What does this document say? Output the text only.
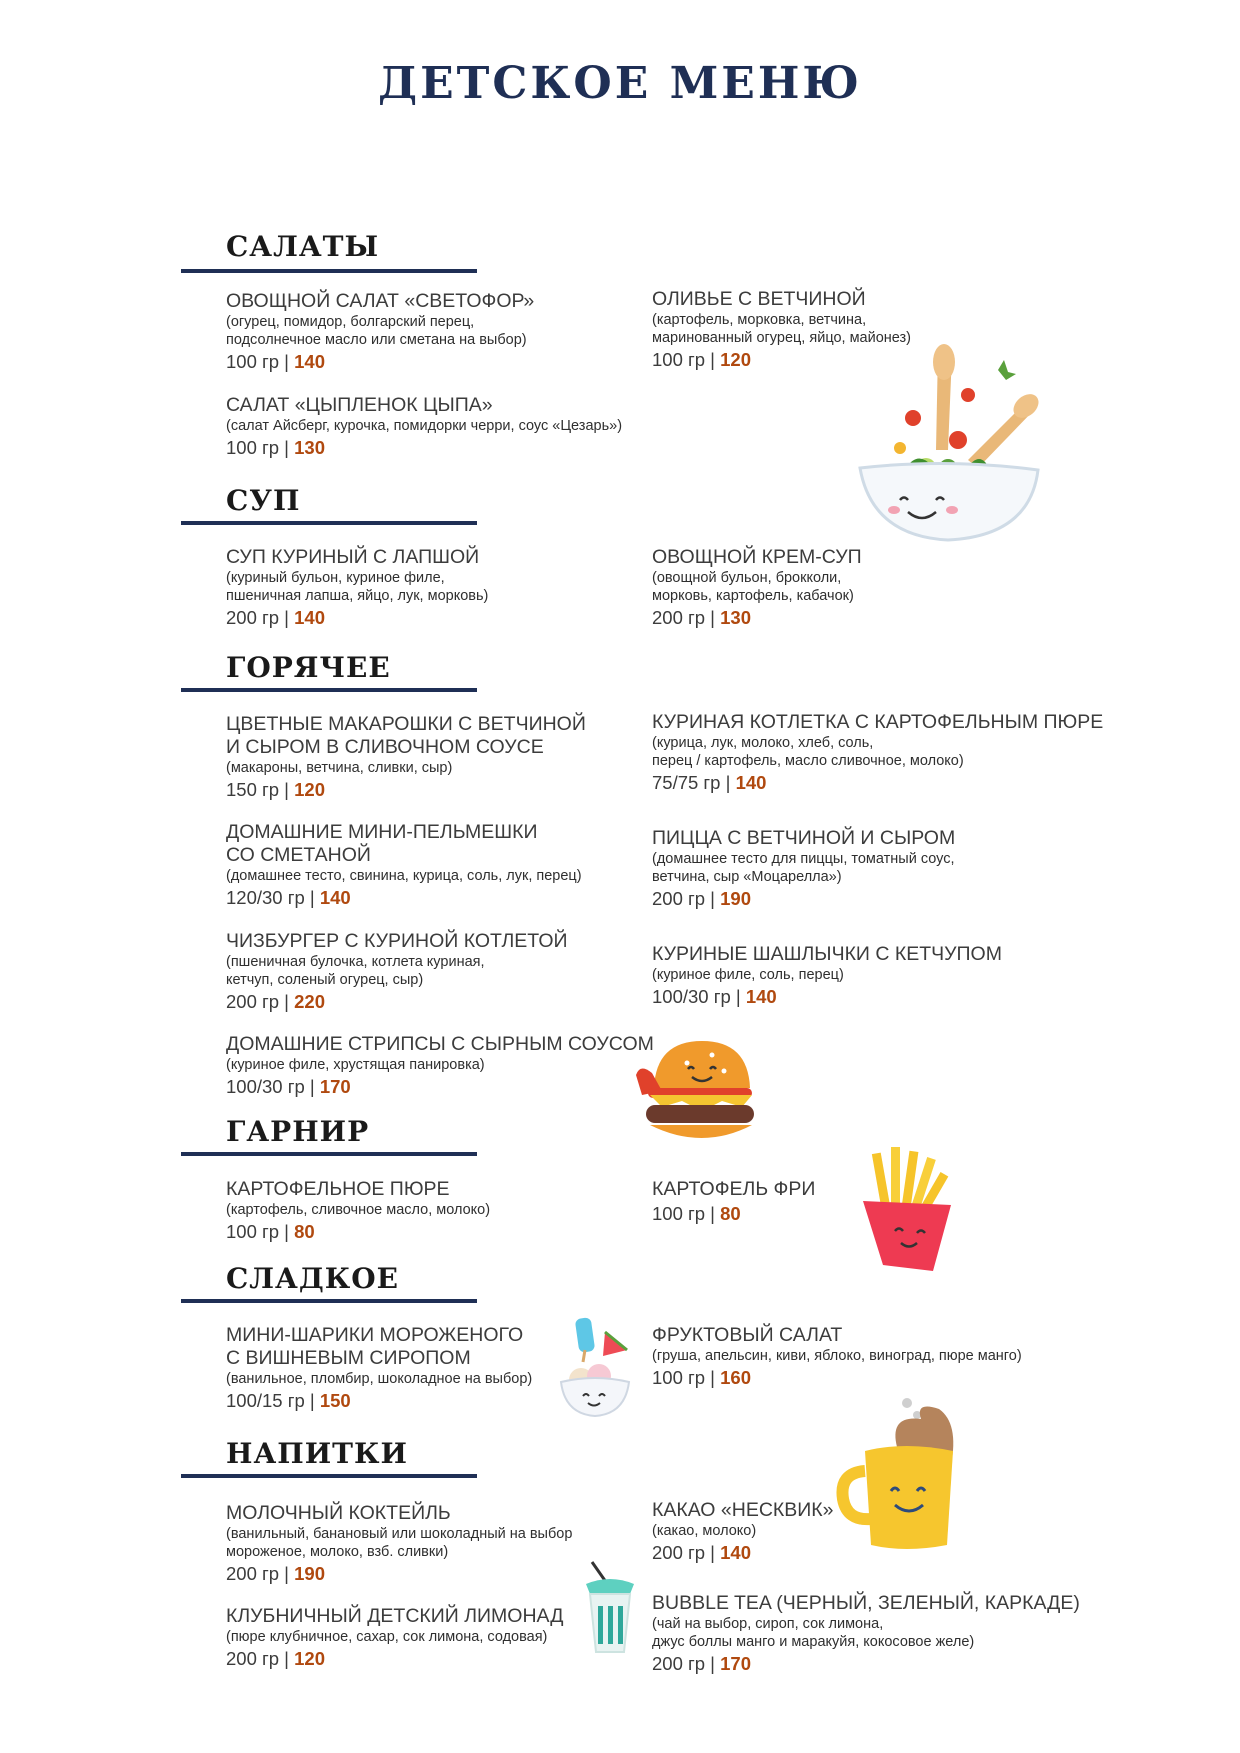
ДЕТСКОЕ МЕНЮ
САЛАТЫ
СУП
ГОРЯЧЕЕ
ГАРНИР
СЛАДКОЕ
НАПИТКИ
ОВОЩНОЙ САЛАТ «СВЕТОФОР»
(огурец, помидор, болгарский перец,
подсолнечное масло или сметана на выбор)
100 гр | 140
ОЛИВЬЕ С ВЕТЧИНОЙ
(картофель, морковка, ветчина,
маринованный огурец, яйцо, майонез)
100 гр | 120
САЛАТ «ЦЫПЛЕНОК ЦЫПА»
(салат Айсберг, курочка, помидорки черри, соус «Цезарь»)
100 гр | 130
СУП КУРИНЫЙ С ЛАПШОЙ
(куриный бульон, куриное филе,
пшеничная лапша, яйцо, лук, морковь)
200 гр | 140
ОВОЩНОЙ КРЕМ-СУП
(овощной бульон, брокколи,
морковь, картофель, кабачок)
200 гр | 130
ЦВЕТНЫЕ МАКАРОШКИ С ВЕТЧИНОЙ
И СЫРОМ В СЛИВОЧНОМ СОУСЕ
(макароны, ветчина, сливки, сыр)
150 гр | 120
КУРИНАЯ КОТЛЕТКА С КАРТОФЕЛЬНЫМ ПЮРЕ
(курица, лук, молоко, хлеб, соль,
перец / картофель, масло сливочное, молоко)
75/75 гр | 140
ДОМАШНИЕ МИНИ-ПЕЛЬМЕШКИ
СО СМЕТАНОЙ
(домашнее тесто, свинина, курица, соль, лук, перец)
120/30 гр | 140
ПИЦЦА С ВЕТЧИНОЙ И СЫРОМ
(домашнее тесто для пиццы, томатный соус,
ветчина, сыр «Моцарелла»)
200 гр | 190
ЧИЗБУРГЕР С КУРИНОЙ КОТЛЕТОЙ
(пшеничная булочка, котлета куриная,
кетчуп, соленый огурец, сыр)
200 гр | 220
КУРИНЫЕ ШАШЛЫЧКИ С КЕТЧУПОМ
(куриное филе, соль, перец)
100/30 гр | 140
ДОМАШНИЕ СТРИПСЫ С СЫРНЫМ СОУСОМ
(куриное филе, хрустящая панировка)
100/30 гр | 170
КАРТОФЕЛЬНОЕ ПЮРЕ
(картофель, сливочное масло, молоко)
100 гр | 80
КАРТОФЕЛЬ ФРИ
100 гр | 80
МИНИ-ШАРИКИ МОРОЖЕНОГО
С ВИШНЕВЫМ СИРОПОМ
(ванильное, пломбир, шоколадное на выбор)
100/15 гр | 150
ФРУКТОВЫЙ САЛАТ
(груша, апельсин, киви, яблоко, виноград, пюре манго)
100 гр | 160
МОЛОЧНЫЙ КОКТЕЙЛЬ
(ванильный, банановый или шоколадный на выбор
мороженое, молоко, взб. сливки)
200 гр | 190
КАКАО «НЕСКВИК»
(какао, молоко)
200 гр | 140
КЛУБНИЧНЫЙ ДЕТСКИЙ ЛИМОНАД
(пюре клубничное, сахар, сок лимона, содовая)
200 гр | 120
BUBBLE TEA (ЧЕРНЫЙ, ЗЕЛЕНЫЙ, КАРКАДЕ)
(чай на выбор, сироп, сок лимона,
джус боллы манго и маракуйя, кокосовое желе)
200 гр | 170
